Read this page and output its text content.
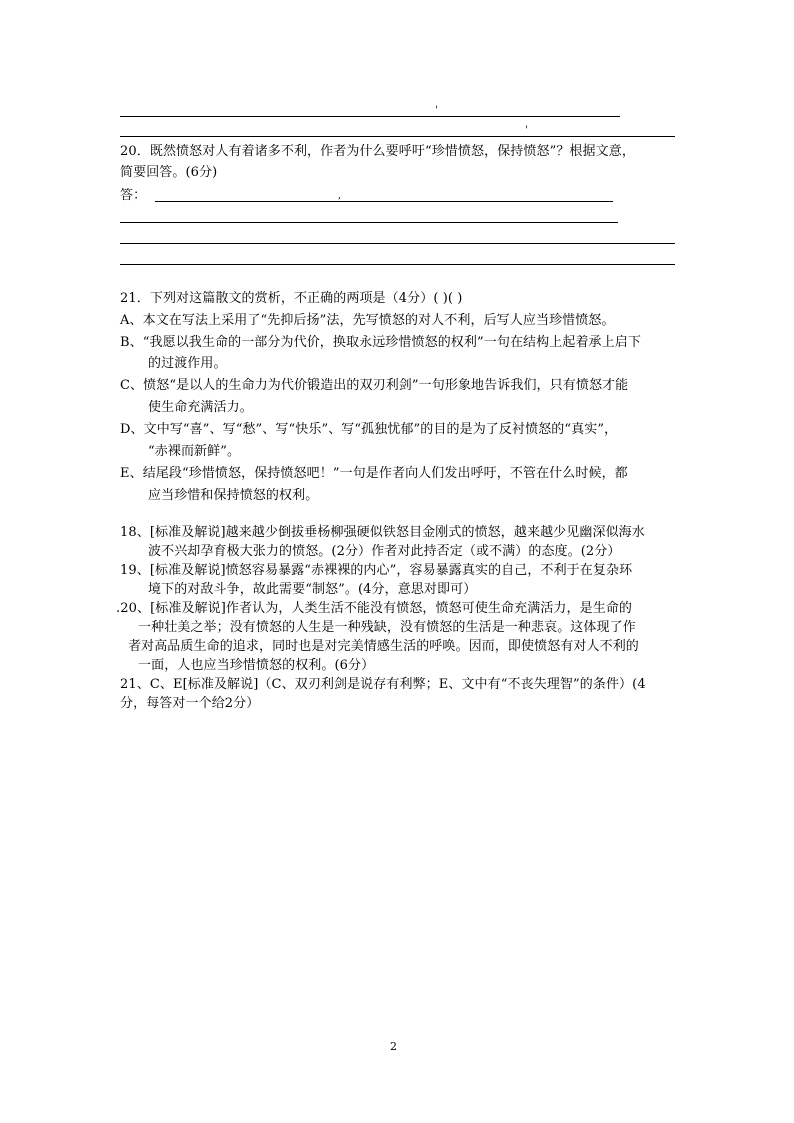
'
'
20．既然愤怒对人有着诸多不利，作者为什么要呼吁“珍惜愤怒，保持愤怒”？根据文意，
简要回答。(6分)
答：	,
21．下列对这篇散文的赏析，不正确的两项是（4分）( )( )
A、本文在写法上采用了“先抑后扬”法，先写愤怒的对人不利，后写人应当珍惜愤怒。
B、“我愿以我生命的一部分为代价，换取永远珍惜愤怒的权利”一句在结构上起着承上启下
的过渡作用。
C、愤怒“是以人的生命力为代价锻造出的双刃利剑”一句形象地告诉我们，只有愤怒才能
使生命充满活力。
D、文中写“喜”、写“愁”、写“快乐”、写“孤独忧郁”的目的是为了反衬愤怒的“真实”，
“赤裸而新鲜”。
E、结尾段“珍惜愤怒，保持愤怒吧！”一句是作者向人们发出呼吁，不管在什么时候，都
应当珍惜和保持愤怒的权利。
18、[标准及解说]越来越少倒拔垂杨柳强硬似铁怒目金刚式的愤怒，越来越少见幽深似海水
波不兴却孕育极大张力的愤怒。(2分）作者对此持否定（或不满）的态度。(2分）
19、[标准及解说]愤怒容易暴露“赤裸裸的内心”，容易暴露真实的自己，不利于在复杂环
境下的对敌斗争，故此需要“制怒”。(4分，意思对即可）
.20、[标准及解说]作者认为，人类生活不能没有愤怒，愤怒可使生命充满活力，是生命的
一种壮美之举；没有愤怒的人生是一种残缺，没有愤怒的生活是一种悲哀。这体现了作
者对高品质生命的追求，同时也是对完美情感生活的呼唤。因而，即使愤怒有对人不利的
一面，人也应当珍惜愤怒的权利。(6分）
21、C、E[标准及解说]（C、双刃利剑是说存有利弊；E、文中有“不丧失理智”的条件）(4
分，每答对一个给2分）
2
